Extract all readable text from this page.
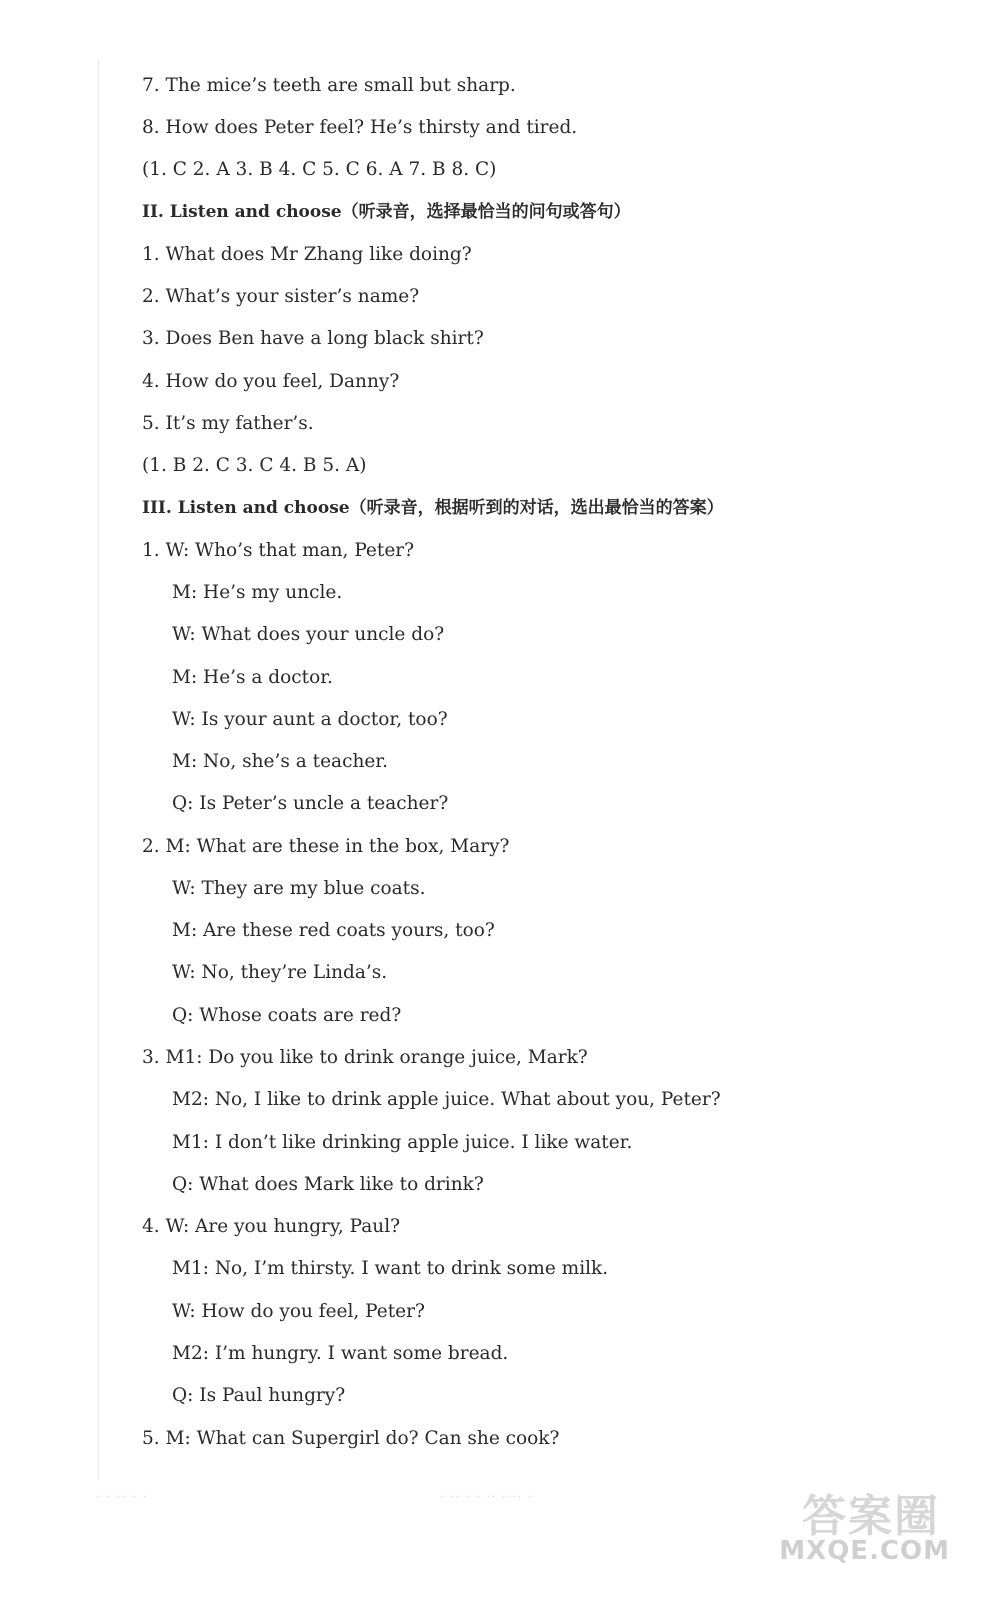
7. The mice’s teeth are small but sharp.
8. How does Peter feel? He’s thirsty and tired.
(1. C 2. A 3. B 4. C 5. C 6. A 7. B 8. C)
II. Listen and choose（听录音，选择最恰当的问句或答句）
1. What does Mr Zhang like doing?
2. What’s your sister’s name?
3. Does Ben have a long black shirt?
4. How do you feel, Danny?
5. It’s my father’s.
(1. B 2. C 3. C 4. B 5. A)
III. Listen and choose（听录音，根据听到的对话，选出最恰当的答案）
1. W: Who’s that man, Peter?
M: He’s my uncle.
W: What does your uncle do?
M: He’s a doctor.
W: Is your aunt a doctor, too?
M: No, she’s a teacher.
Q: Is Peter’s uncle a teacher?
2. M: What are these in the box, Mary?
W: They are my blue coats.
M: Are these red coats yours, too?
W: No, they’re Linda’s.
Q: Whose coats are red?
3. M1: Do you like to drink orange juice, Mark?
M2: No, I like to drink apple juice. What about you, Peter?
M1: I don’t like drinking apple juice. I like water.
Q: What does Mark like to drink?
4. W: Are you hungry, Paul?
M1: No, I’m thirsty. I want to drink some milk.
W: How do you feel, Peter?
M2: I’m hungry. I want some bread.
Q: Is Paul hungry?
5. M: What can Supergirl do? Can she cook?
· · ·· · ·	· ·· · · ·· ···· ·	答案圈
MXQE.COM
